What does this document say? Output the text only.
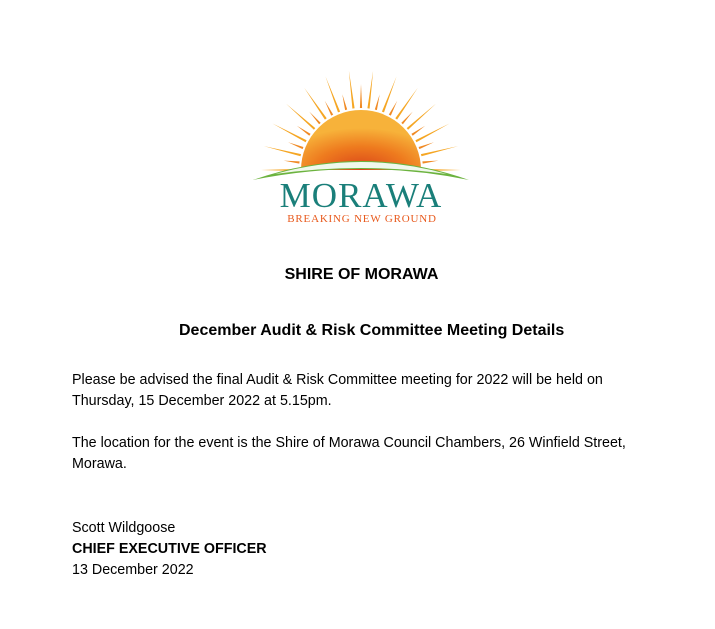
MORAWA
BREAKING NEW GROUND
SHIRE OF MORAWA
December Audit & Risk Committee Meeting Details

Please be advised the final Audit & Risk Committee meeting for 2022 will be held on Thursday, 15 December 2022 at 5.15pm.

The location for the event is the Shire of Morawa Council Chambers, 26 Winfield Street, Morawa.

Scott Wildgoose
CHIEF EXECUTIVE OFFICER
13 December 2022
